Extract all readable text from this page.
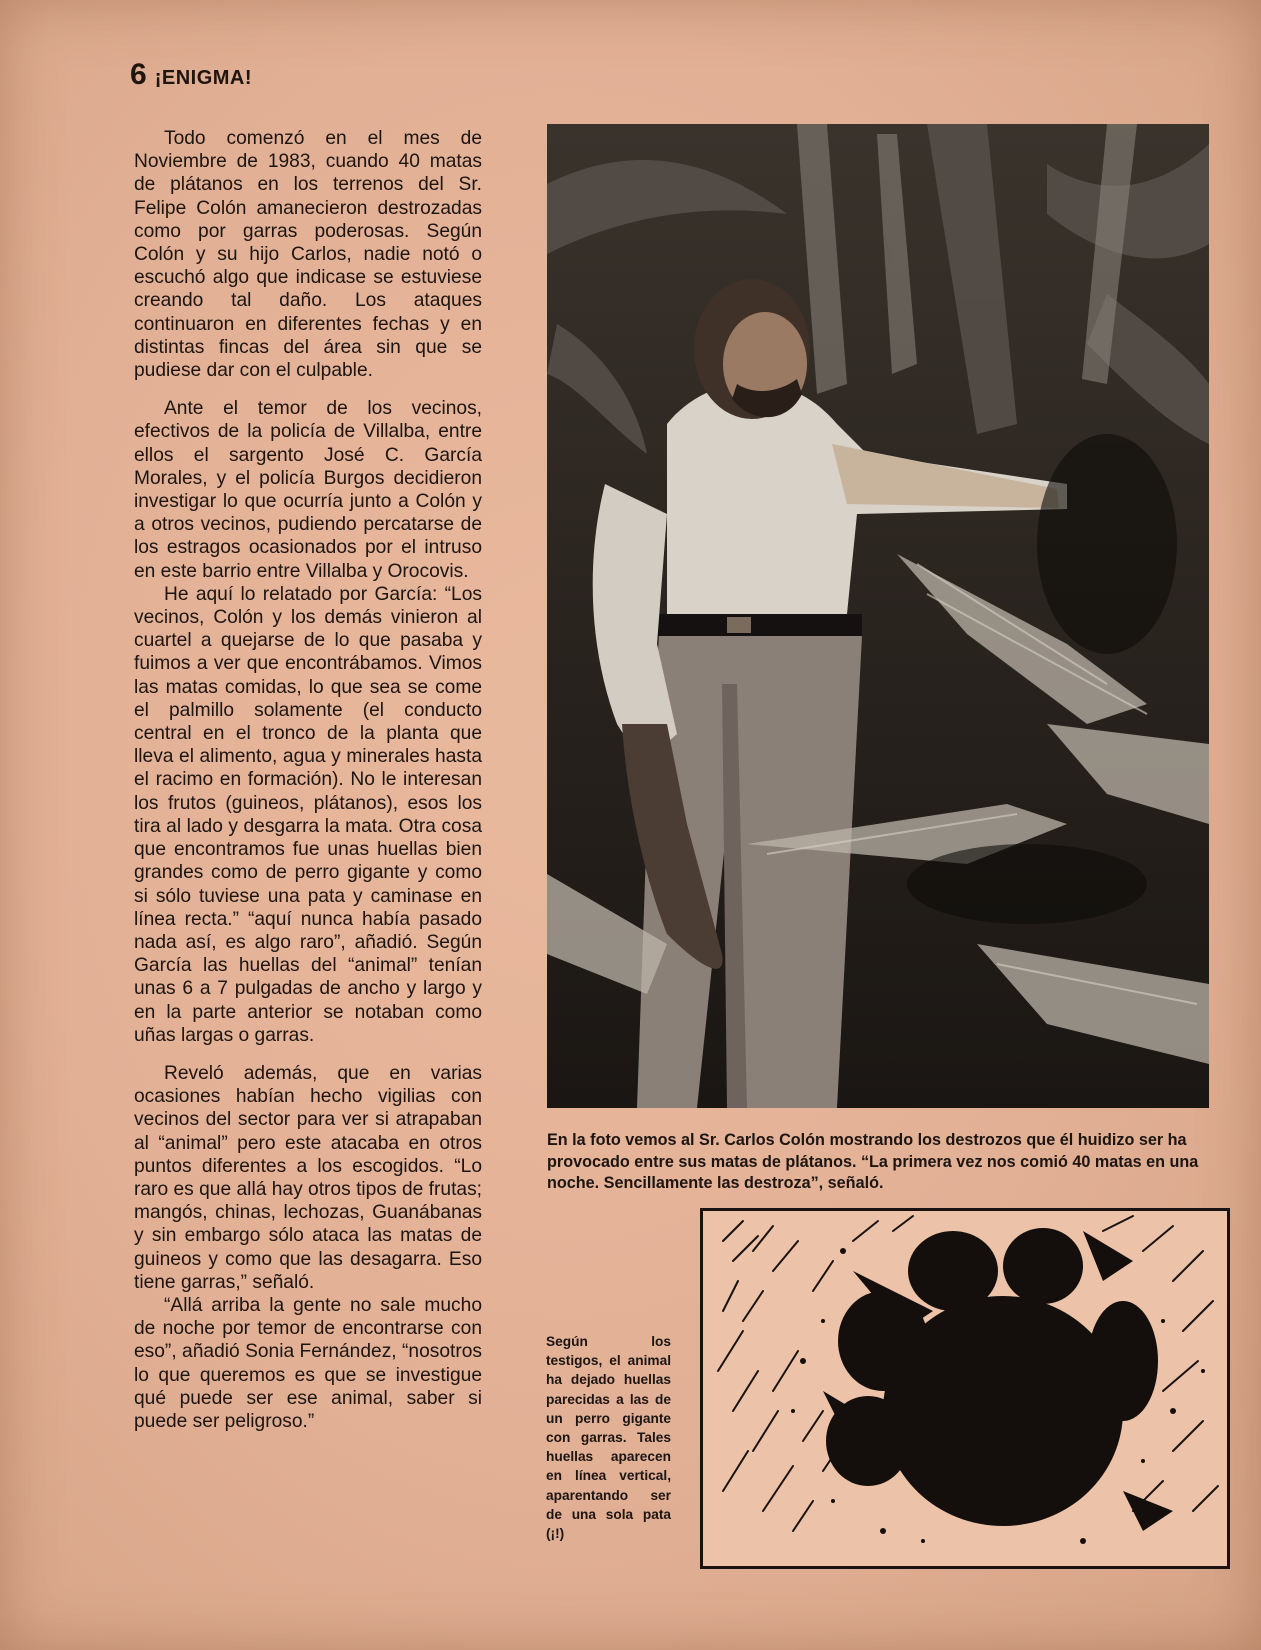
6 ¡ENIGMA!

Todo comenzó en el mes de Noviembre de 1983, cuando 40 matas de plátanos en los terrenos del Sr. Felipe Colón amanecieron destrozadas como por garras poderosas. Según Colón y su hijo Carlos, nadie notó o escuchó algo que indicase se estuviese creando tal daño. Los ataques continuaron en diferentes fechas y en distintas fincas del área sin que se pudiese dar con el culpable.

Ante el temor de los vecinos, efectivos de la policía de Villalba, entre ellos el sargento José C. García Morales, y el policía Burgos decidieron investigar lo que ocurría junto a Colón y a otros vecinos, pudiendo percatarse de los estragos ocasionados por el intruso en este barrio entre Villalba y Orocovis.

He aquí lo relatado por García: “Los vecinos, Colón y los demás vinieron al cuartel a quejarse de lo que pasaba y fuimos a ver que encontrábamos. Vimos las matas comidas, lo que sea se come el palmillo solamente (el conducto central en el tronco de la planta que lleva el alimento, agua y minerales hasta el racimo en formación). No le interesan los frutos (guineos, plátanos), esos los tira al lado y desgarra la mata. Otra cosa que encontramos fue unas huellas bien grandes como de perro gigante y como si sólo tuviese una pata y caminase en línea recta.” “aquí nunca había pasado nada así, es algo raro”, añadió. Según García las huellas del “animal” tenían unas 6 a 7 pulgadas de ancho y largo y en la parte anterior se notaban como uñas largas o garras.

Reveló además, que en varias ocasiones habían hecho vigilias con vecinos del sector para ver si atrapaban al “animal” pero este atacaba en otros puntos diferentes a los escogidos. “Lo raro es que allá hay otros tipos de frutas; mangós, chinas, lechozas, Guanábanas y sin embargo sólo ataca las matas de guineos y como que las desagarra. Eso tiene garras,” señaló.

“Allá arriba la gente no sale mucho de noche por temor de encontrarse con eso”, añadió Sonia Fernández, “nosotros lo que queremos es que se investigue qué puede ser ese animal, saber si puede ser peligroso.”

En la foto vemos al Sr. Carlos Colón mostrando los destrozos que él huidizo ser ha provocado entre sus matas de plátanos. “La primera vez nos comió 40 matas en una noche. Sencillamente las destroza”, señaló.
Según los testigos, el animal ha dejado huellas parecidas a las de un perro gigante con garras. Tales huellas aparecen en línea vertical, aparentando ser de una sola pata (¡!)
